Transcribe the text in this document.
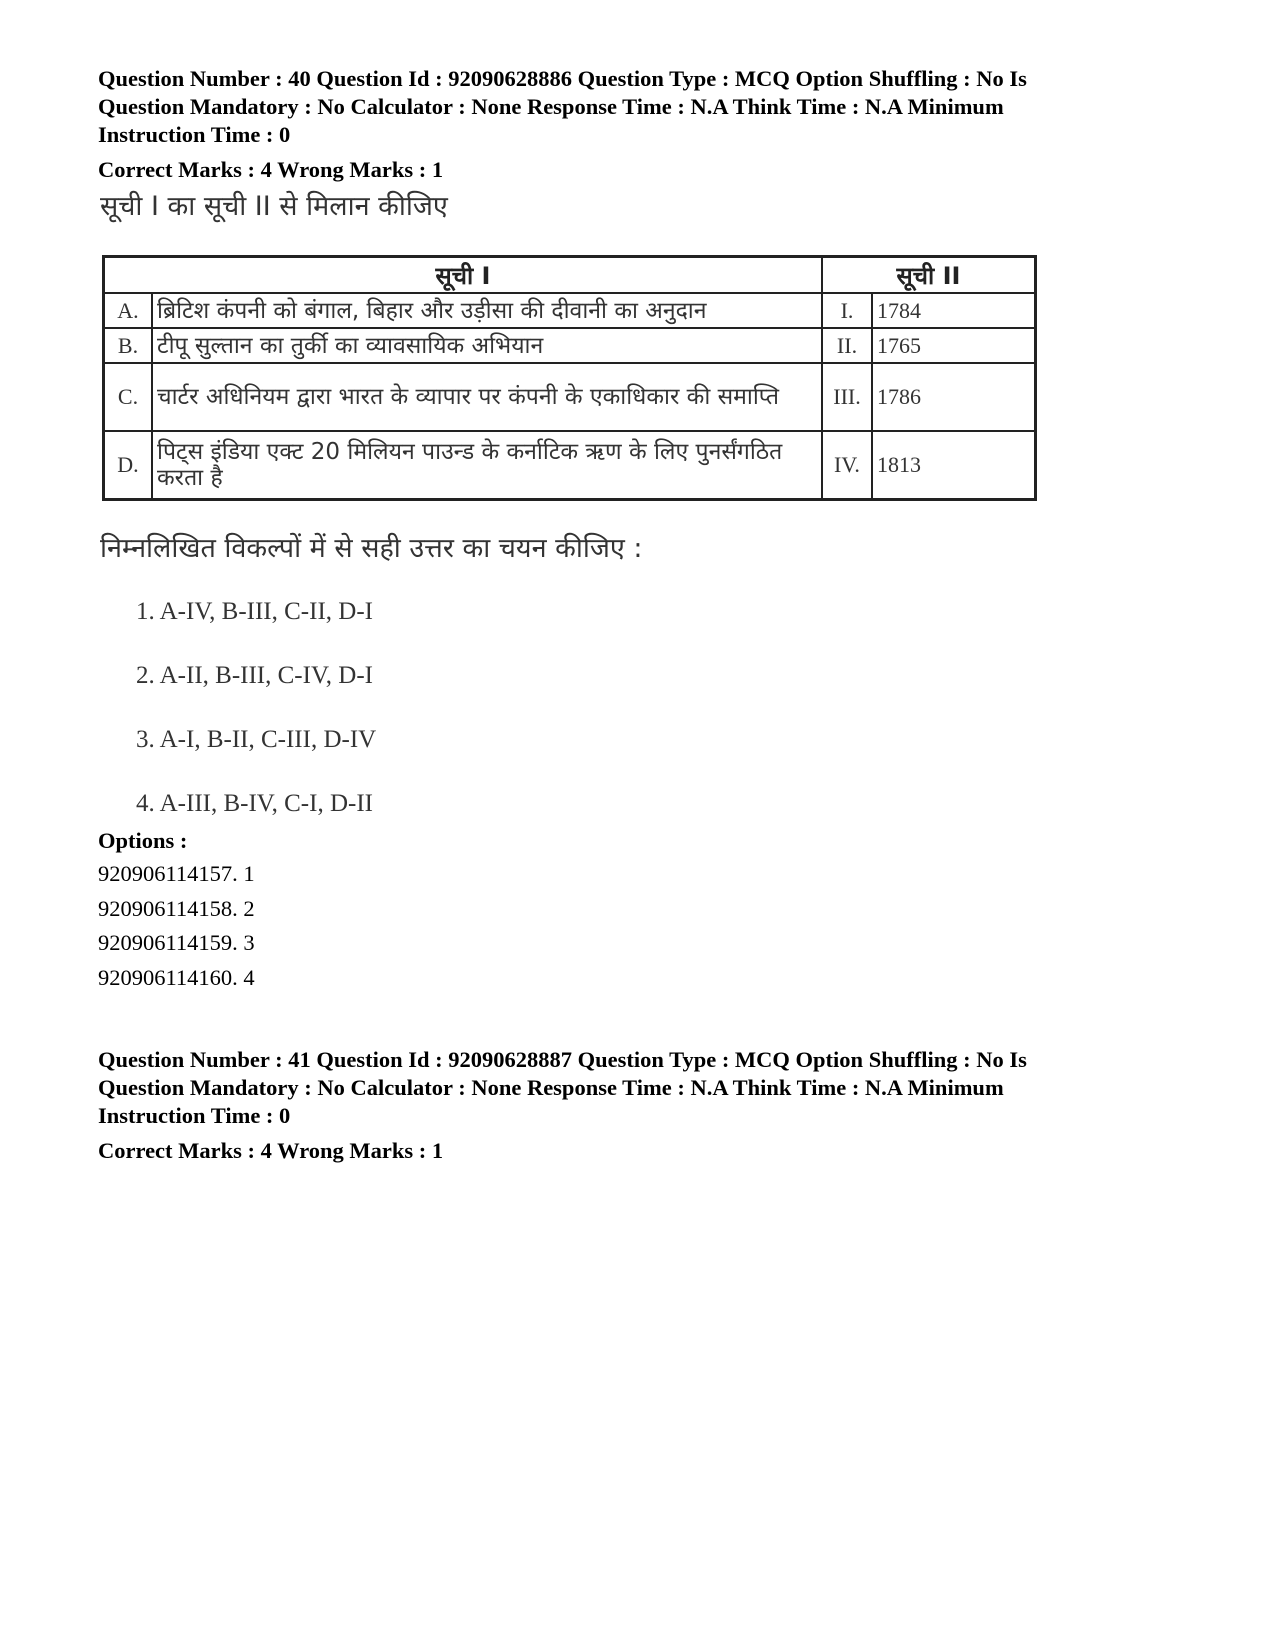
Question Number : 40 Question Id : 92090628886 Question Type : MCQ Option Shuffling : No Is

Question Mandatory : No Calculator : None Response Time : N.A Think Time : N.A Minimum

Instruction Time : 0

Correct Marks : 4 Wrong Marks : 1
सूची I का सूची II से मिलान कीजिए
सूची I		सूची II	
A.	ब्रिटिश कंपनी को बंगाल, बिहार और उड़ीसा की दीवानी का अनुदान	I.	1784
B.	टीपू सुल्तान का तुर्की का व्यावसायिक अभियान	II.	1765
C.	चार्टर अधिनियम द्वारा भारत के व्यापार पर कंपनी के एकाधिकार की समाप्ति	III.	1786
D.	पिट्स इंडिया एक्ट 20 मिलियन पाउन्ड के कर्नाटिक ऋण के लिए पुनर्संगठित करता है	IV.	1813
निम्नलिखित विकल्पों में से सही उत्तर का चयन कीजिए :
1. A-IV, B-III, C-II, D-I
2. A-II, B-III, C-IV, D-I
3. A-I, B-II, C-III, D-IV
4. A-III, B-IV, C-I, D-II
Options :
920906114157. 1
920906114158. 2
920906114159. 3
920906114160. 4

Question Number : 41 Question Id : 92090628887 Question Type : MCQ Option Shuffling : No Is

Question Mandatory : No Calculator : None Response Time : N.A Think Time : N.A Minimum

Instruction Time : 0

Correct Marks : 4 Wrong Marks : 1
